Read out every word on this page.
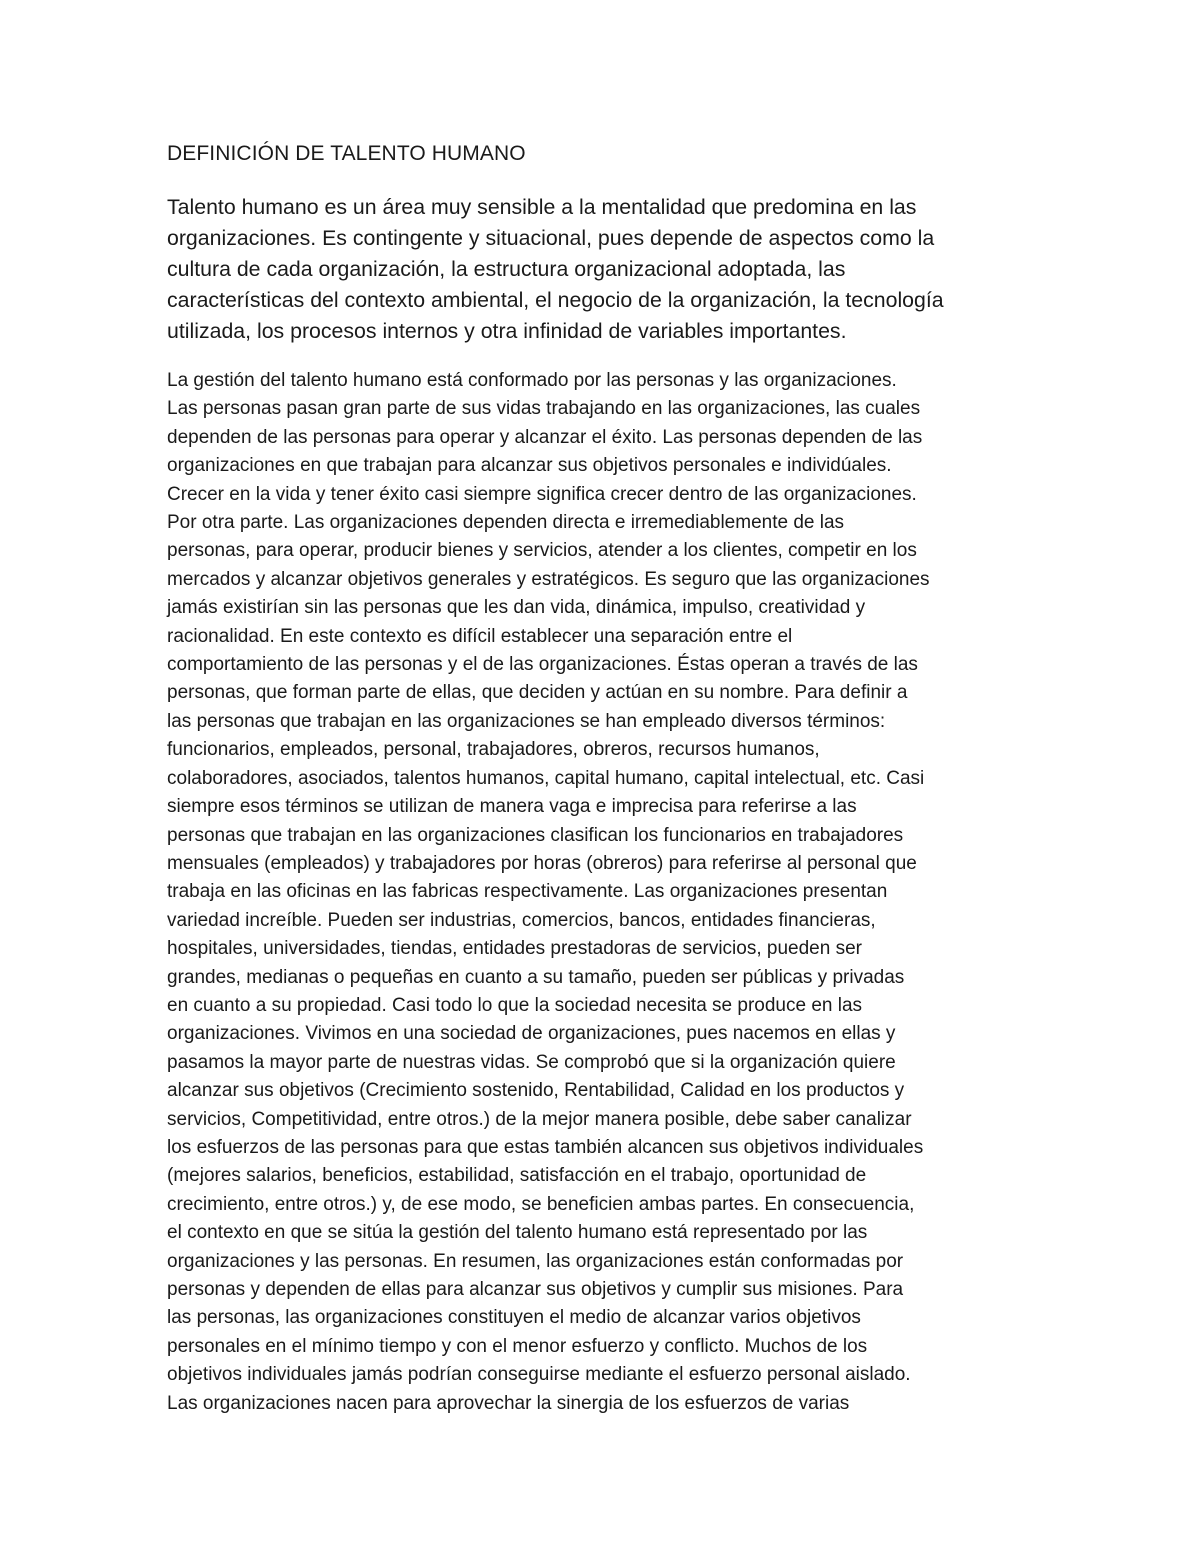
DEFINICIÓN DE TALENTO HUMANO

Talento humano es un área muy sensible a la mentalidad que predomina en las
organizaciones. Es contingente y situacional, pues depende de aspectos como la
cultura de cada organización, la estructura organizacional adoptada, las
características del contexto ambiental, el negocio de la organización, la tecnología
utilizada, los procesos internos y otra infinidad de variables importantes.

La gestión del talento humano está conformado por las personas y las organizaciones.
Las personas pasan gran parte de sus vidas trabajando en las organizaciones, las cuales
dependen de las personas para operar y alcanzar el éxito. Las personas dependen de las
organizaciones en que trabajan para alcanzar sus objetivos personales e individúales.
Crecer en la vida y tener éxito casi siempre significa crecer dentro de las organizaciones.
Por otra parte. Las organizaciones dependen directa e irremediablemente de las
personas, para operar, producir bienes y servicios, atender a los clientes, competir en los
mercados y alcanzar objetivos generales y estratégicos. Es seguro que las organizaciones
jamás existirían sin las personas que les dan vida, dinámica, impulso, creatividad y
racionalidad. En este contexto es difícil establecer una separación entre el
comportamiento de las personas y el de las organizaciones. Éstas operan a través de las
personas, que forman parte de ellas, que deciden y actúan en su nombre. Para definir a
las personas que trabajan en las organizaciones se han empleado diversos términos:
funcionarios, empleados, personal, trabajadores, obreros, recursos humanos,
colaboradores, asociados, talentos humanos, capital humano, capital intelectual, etc. Casi
siempre esos términos se utilizan de manera vaga e imprecisa para referirse a las
personas que trabajan en las organizaciones clasifican los funcionarios en trabajadores
mensuales (empleados) y trabajadores por horas (obreros) para referirse al personal que
trabaja en las oficinas en las fabricas respectivamente. Las organizaciones presentan
variedad increíble. Pueden ser industrias, comercios, bancos, entidades financieras,
hospitales, universidades, tiendas, entidades prestadoras de servicios, pueden ser
grandes, medianas o pequeñas en cuanto a su tamaño, pueden ser públicas y privadas
en cuanto a su propiedad. Casi todo lo que la sociedad necesita se produce en las
organizaciones. Vivimos en una sociedad de organizaciones, pues nacemos en ellas y
pasamos la mayor parte de nuestras vidas. Se comprobó que si la organización quiere
alcanzar sus objetivos (Crecimiento sostenido, Rentabilidad, Calidad en los productos y
servicios, Competitividad, entre otros.) de la mejor manera posible, debe saber canalizar
los esfuerzos de las personas para que estas también alcancen sus objetivos individuales
(mejores salarios, beneficios, estabilidad, satisfacción en el trabajo, oportunidad de
crecimiento, entre otros.) y, de ese modo, se beneficien ambas partes. En consecuencia,
el contexto en que se sitúa la gestión del talento humano está representado por las
organizaciones y las personas. En resumen, las organizaciones están conformadas por
personas y dependen de ellas para alcanzar sus objetivos y cumplir sus misiones. Para
las personas, las organizaciones constituyen el medio de alcanzar varios objetivos
personales en el mínimo tiempo y con el menor esfuerzo y conflicto. Muchos de los
objetivos individuales jamás podrían conseguirse mediante el esfuerzo personal aislado.
Las organizaciones nacen para aprovechar la sinergia de los esfuerzos de varias
